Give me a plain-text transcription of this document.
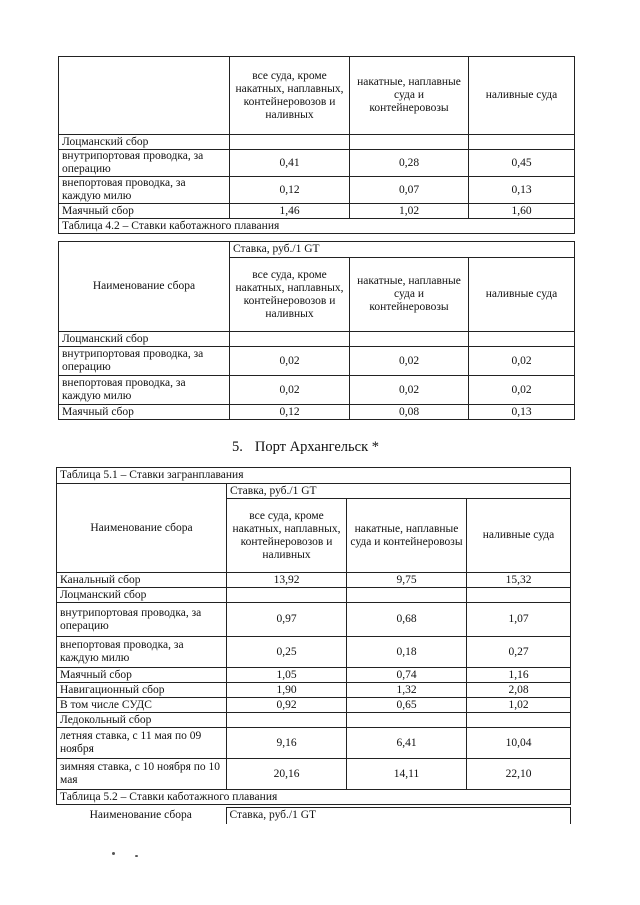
	все суда, кроме накатных, наплавных, контейнеровозов и наливных	накатные, наплавные суда и контейнеровозы	наливные суда
Лоцманский сбор			
внутрипортовая проводка, за операцию	0,41	0,28	0,45
внепортовая проводка, за каждую милю	0,12	0,07	0,13
Маячный сбор	1,46	1,02	1,60
Таблица 4.2 – Ставки каботажного плавания			
Наименование сбора	Ставка, руб./1 GT		
	все суда, кроме накатных, наплавных, контейнеровозов и наливных	накатные, наплавные суда и контейнеровозы	наливные суда
Лоцманский сбор			
внутрипортовая проводка, за операцию	0,02	0,02	0,02
внепортовая проводка, за каждую милю	0,02	0,02	0,02
Маячный сбор	0,12	0,08	0,13
5. Порт Архангельск *
Таблица 5.1 – Ставки загранплавания			
Наименование сбора	Ставка, руб./1 GT		
	все суда, кроме накатных, наплавных, контейнеровозов и наливных	накатные, наплавные суда и контейнеровозы	наливные суда
Канальный сбор	13,92	9,75	15,32
Лоцманский сбор			
внутрипортовая проводка, за операцию	0,97	0,68	1,07
внепортовая проводка, за каждую милю	0,25	0,18	0,27
Маячный сбор	1,05	0,74	1,16
Навигационный сбор	1,90	1,32	2,08
В том числе СУДС	0,92	0,65	1,02
Ледокольный сбор			
летняя ставка, с 11 мая по 09 ноября	9,16	6,41	10,04
зимняя ставка, с 10 ноября по 10 мая	20,16	14,11	22,10
Таблица 5.2 – Ставки каботажного плавания			
Наименование сбора	Ставка, руб./1 GT
